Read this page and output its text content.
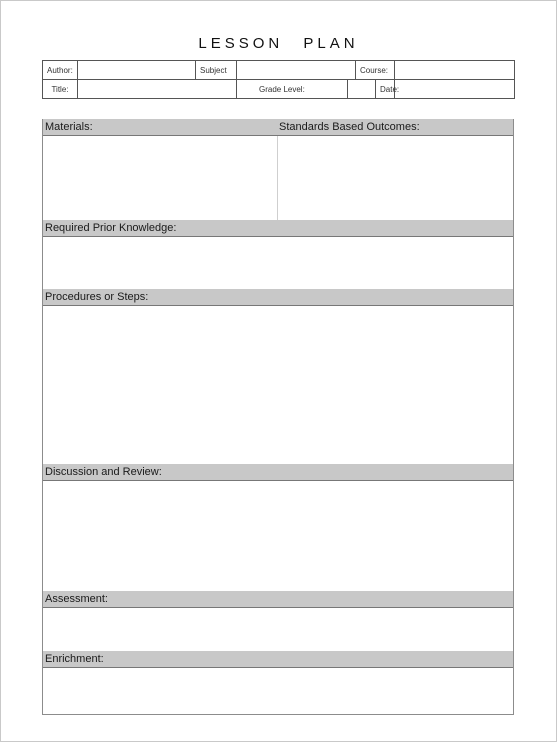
LESSON PLAN
Author:		Subject			Course:		
Title:			Grade Level:			Date:	
Materials:	Standards Based Outcomes:
Required Prior Knowledge:
Procedures or Steps:
Discussion and Review:
Assessment:
Enrichment:
